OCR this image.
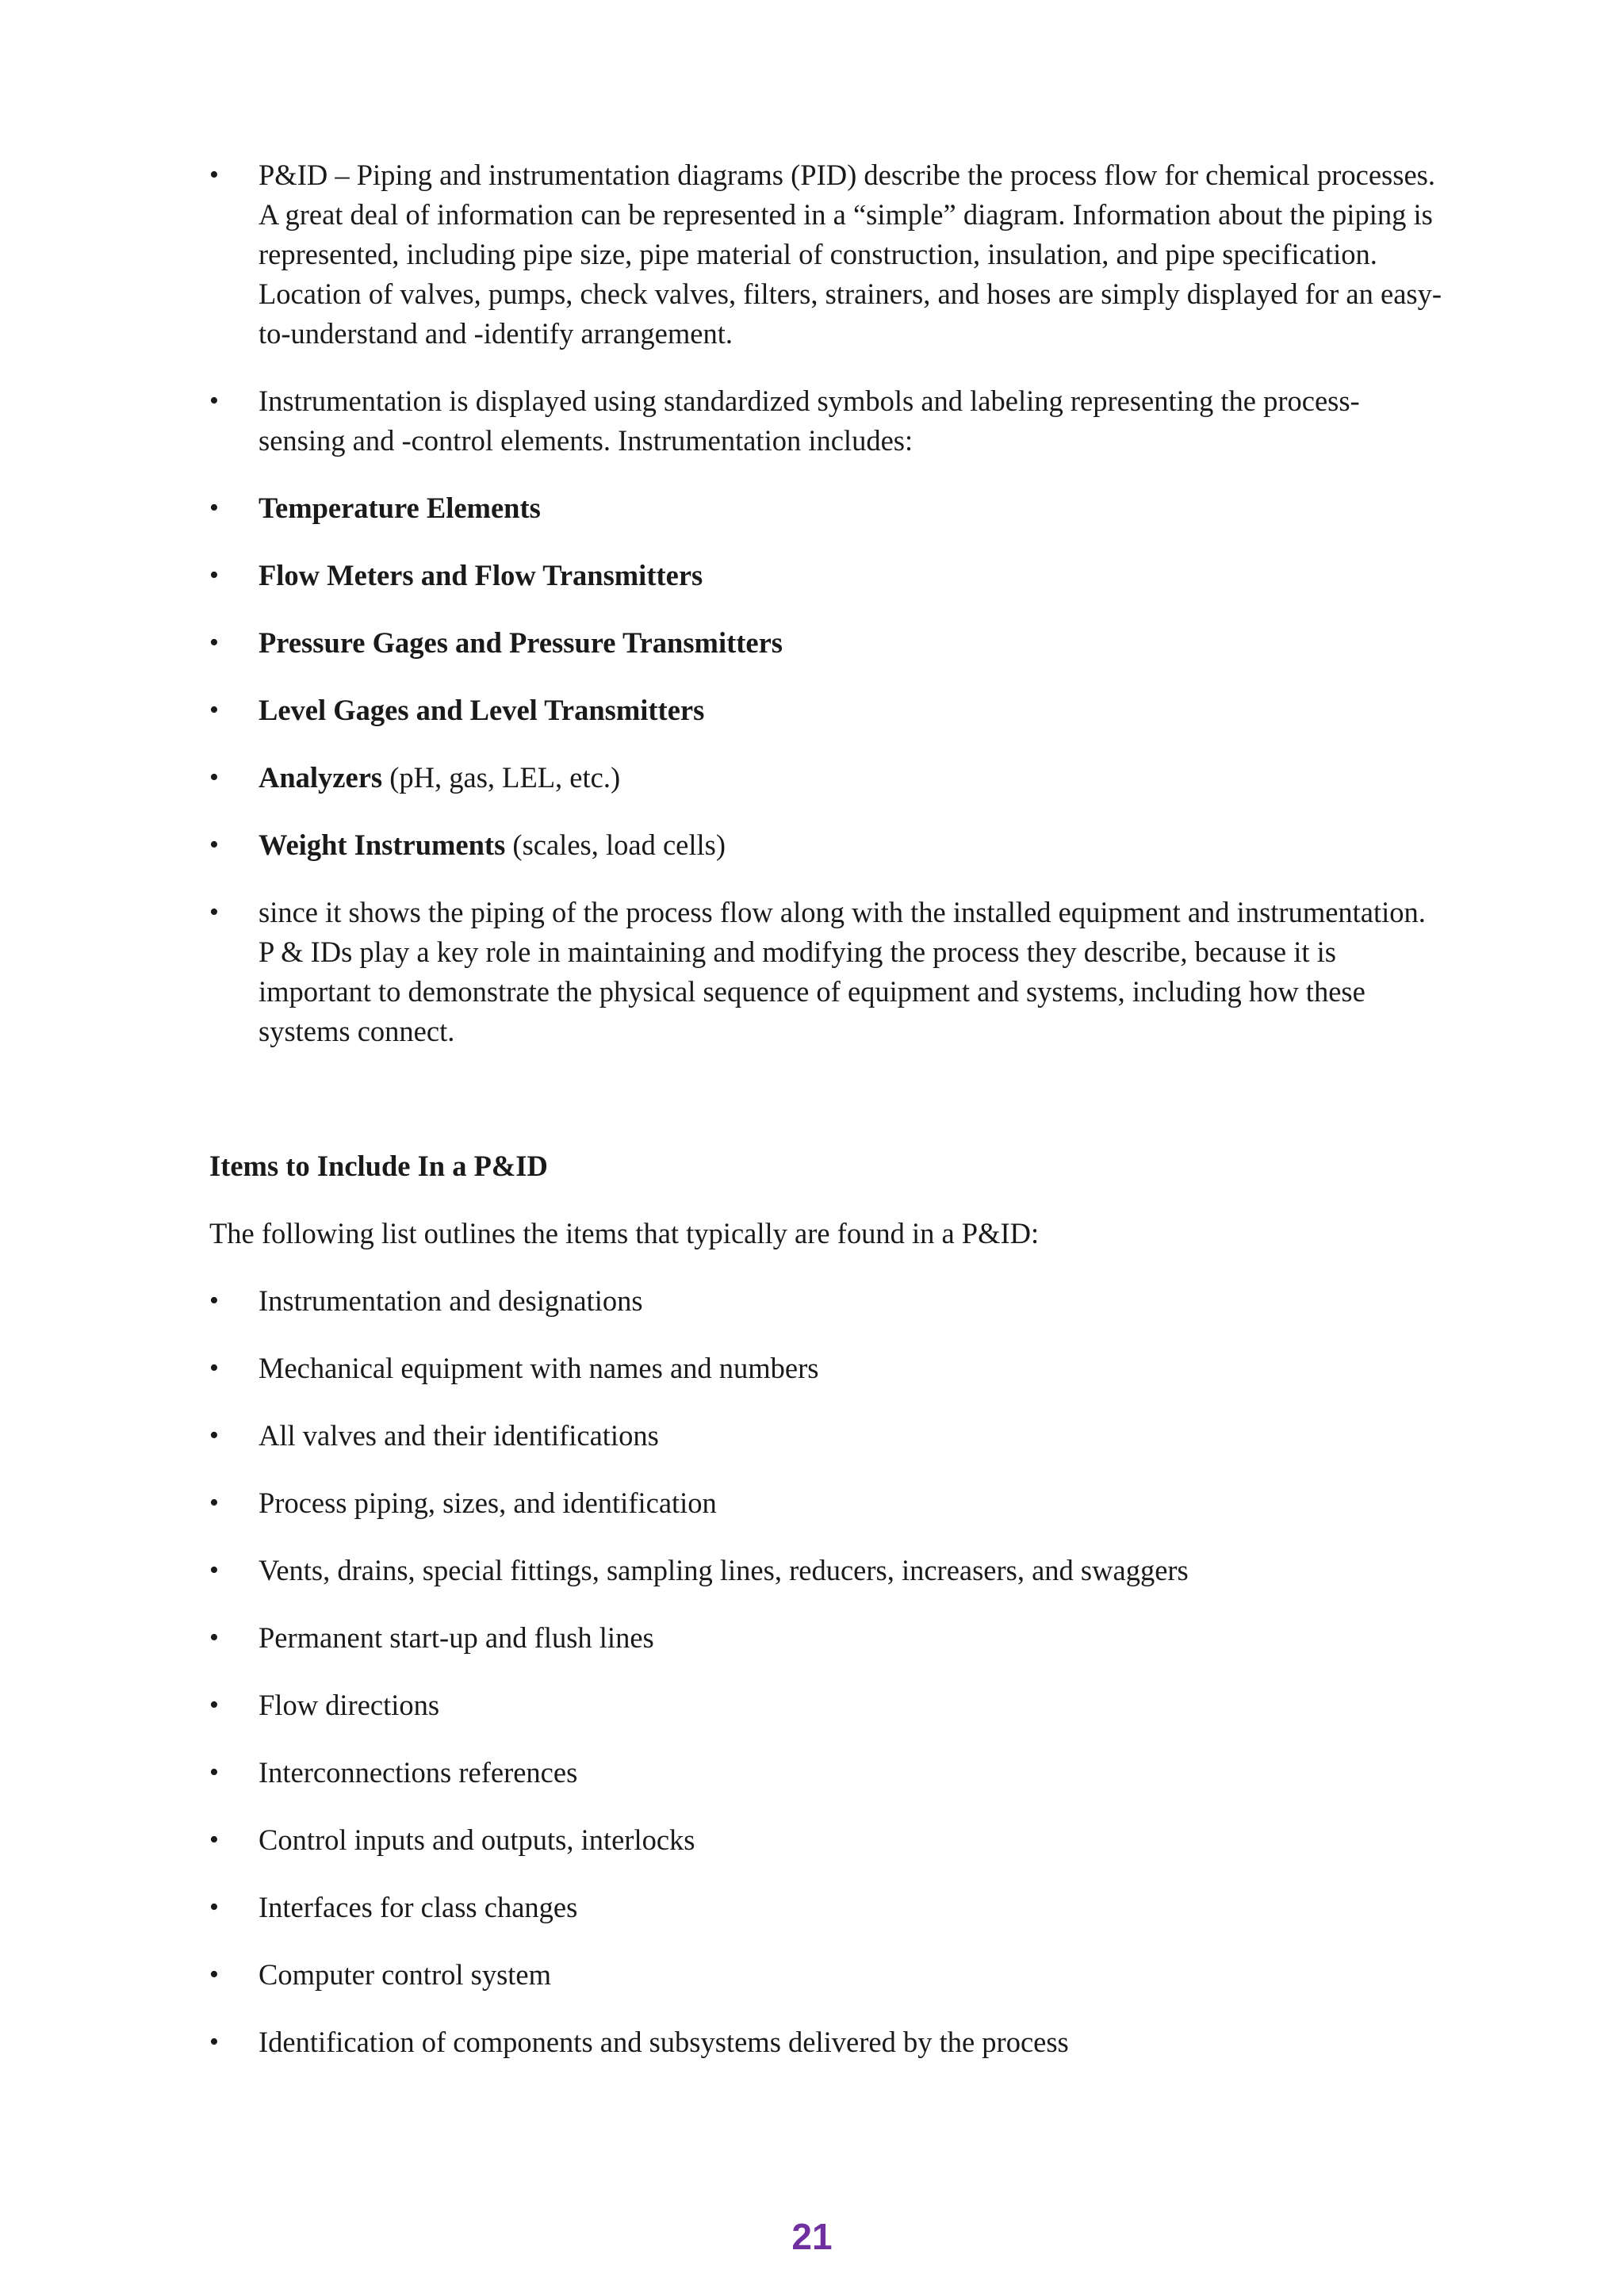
• P&ID – Piping and instrumentation diagrams (PID) describe the process flow for chemical processes. A great deal of information can be represented in a “simple” diagram. Information about the piping is represented, including pipe size, pipe material of construction, insulation, and pipe specification. Location of valves, pumps, check valves, filters, strainers, and hoses are simply displayed for an easy-to-understand and -identify arrangement.
• Instrumentation is displayed using standardized symbols and labeling representing the process-sensing and -control elements. Instrumentation includes:
• Temperature Elements
• Flow Meters and Flow Transmitters
• Pressure Gages and Pressure Transmitters
• Level Gages and Level Transmitters
• Analyzers (pH, gas, LEL, etc.)
• Weight Instruments (scales, load cells)
• since it shows the piping of the process flow along with the installed equipment and instrumentation. P & IDs play a key role in maintaining and modifying the process they describe, because it is important to demonstrate the physical sequence of equipment and systems, including how these systems connect.
Items to Include In a P&ID

The following list outlines the items that typically are found in a P&ID:

• Instrumentation and designations
• Mechanical equipment with names and numbers
• All valves and their identifications
• Process piping, sizes, and identification
• Vents, drains, special fittings, sampling lines, reducers, increasers, and swaggers
• Permanent start-up and flush lines
• Flow directions
• Interconnections references
• Control inputs and outputs, interlocks
• Interfaces for class changes
• Computer control system
• Identification of components and subsystems delivered by the process
21
